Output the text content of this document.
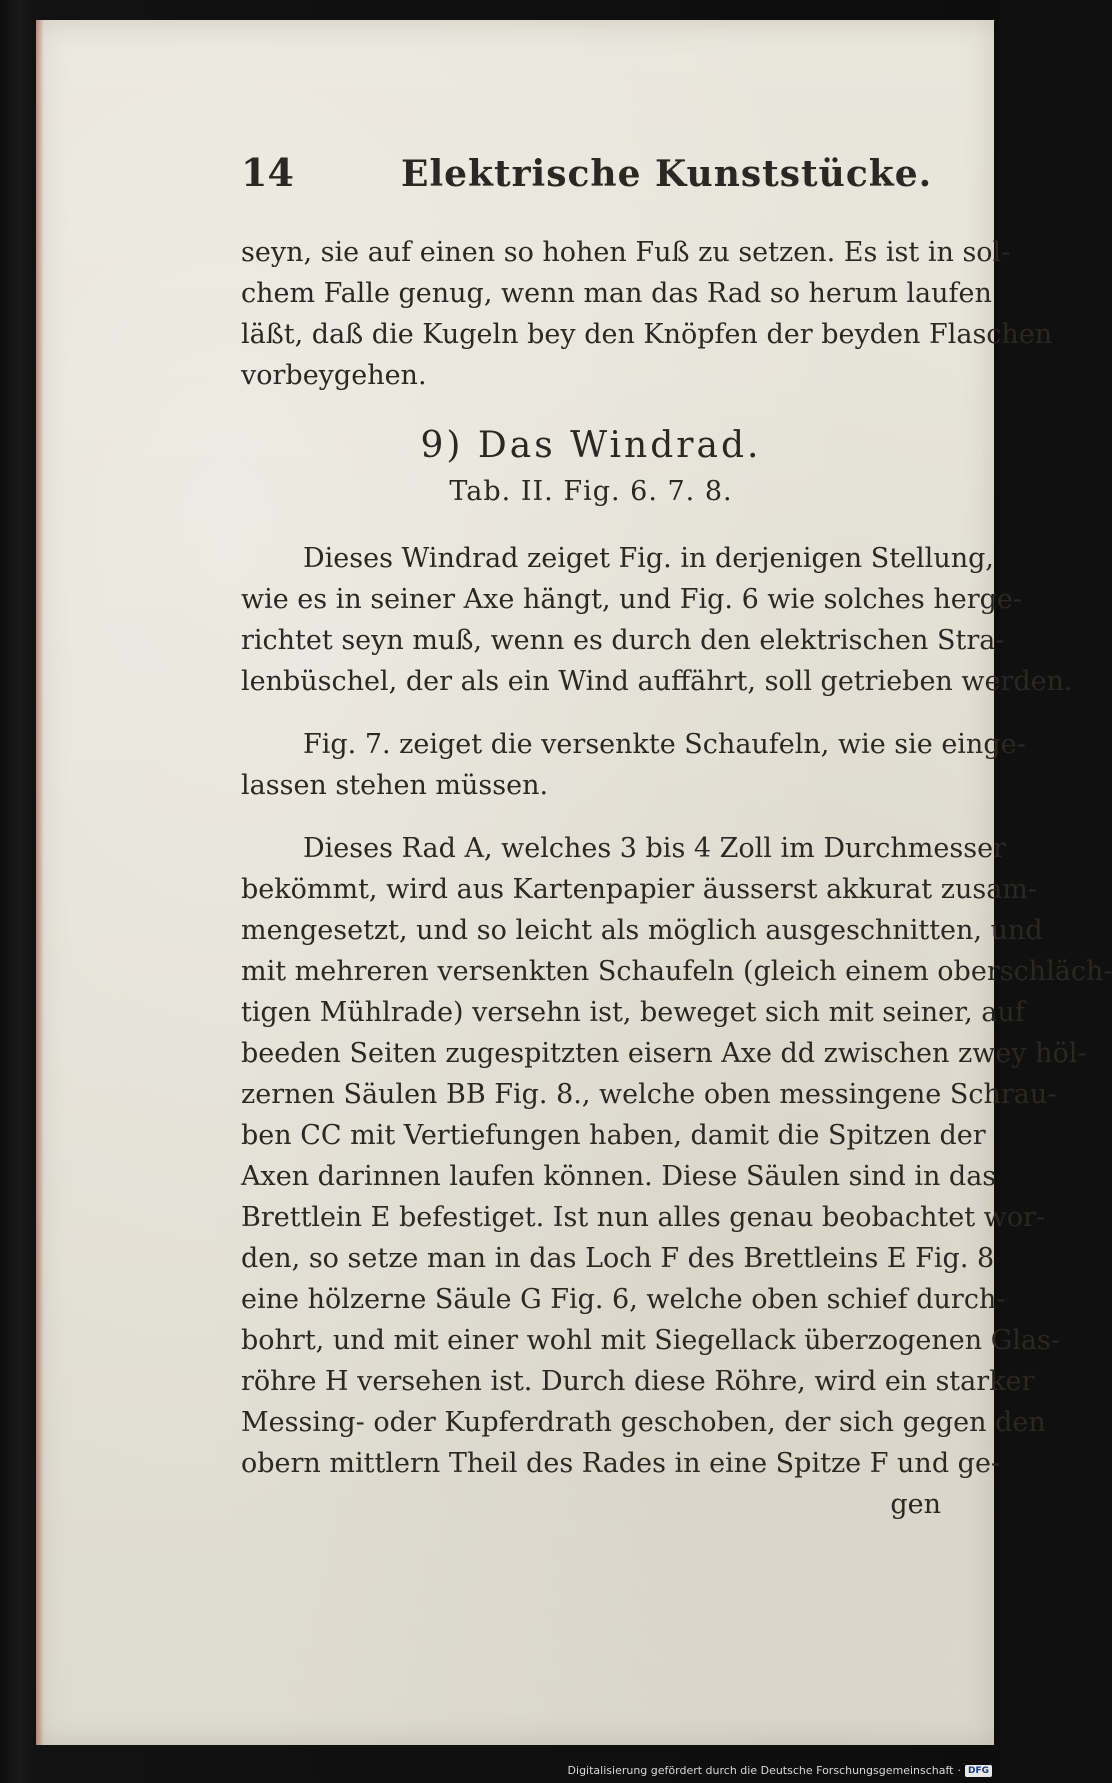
14	Elektrische Kunststücke.
seyn, sie auf einen so hohen Fuß zu setzen. Es ist in sol-
chem Falle genug, wenn man das Rad so herum laufen
läßt, daß die Kugeln bey den Knöpfen der beyden Flaschen
vorbeygehen.
9) Das Windrad.
Tab. II. Fig. 6. 7. 8.
Dieses Windrad zeiget Fig. in derjenigen Stellung,
wie es in seiner Axe hängt, und Fig. 6 wie solches herge-
richtet seyn muß, wenn es durch den elektrischen Stra-
lenbüschel, der als ein Wind auffährt, soll getrieben werden.
Fig. 7. zeiget die versenkte Schaufeln, wie sie einge-
lassen stehen müssen.
Dieses Rad A, welches 3 bis 4 Zoll im Durchmesser
bekömmt, wird aus Kartenpapier äusserst akkurat zusam-
mengesetzt, und so leicht als möglich ausgeschnitten, und
mit mehreren versenkten Schaufeln (gleich einem oberschläch-
tigen Mühlrade) versehn ist, beweget sich mit seiner, auf
beeden Seiten zugespitzten eisern Axe dd zwischen zwey höl-
zernen Säulen BB Fig. 8., welche oben messingene Schrau-
ben CC mit Vertiefungen haben, damit die Spitzen der
Axen darinnen laufen können. Diese Säulen sind in das
Brettlein E befestiget. Ist nun alles genau beobachtet wor-
den, so setze man in das Loch F des Brettleins E Fig. 8
eine hölzerne Säule G Fig. 6, welche oben schief durch-
bohrt, und mit einer wohl mit Siegellack überzogenen Glas-
röhre H versehen ist. Durch diese Röhre, wird ein starker
Messing- oder Kupferdrath geschoben, der sich gegen den
obern mittlern Theil des Rades in eine Spitze F und ge-
gen
Digitalisierung gefördert durch die Deutsche Forschungsgemeinschaft · DFG
